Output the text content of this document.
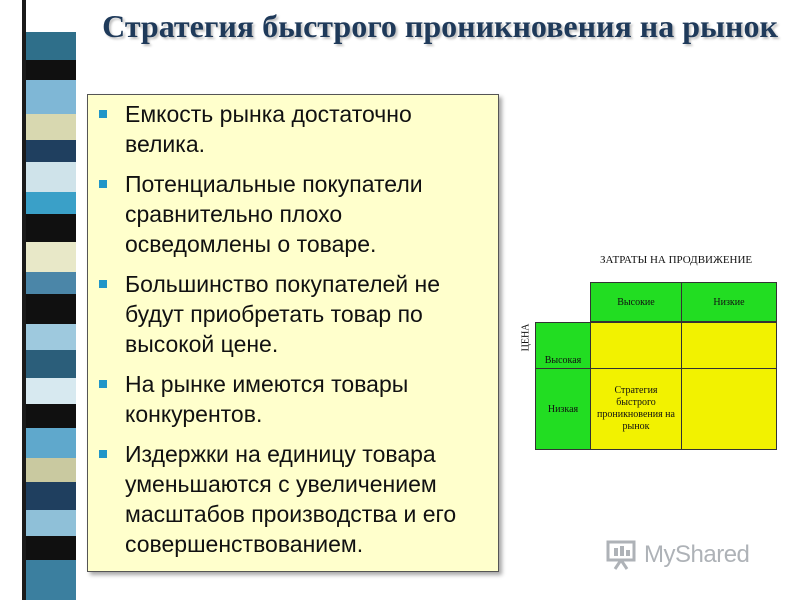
Стратегия быстрого проникновения на рынок
Емкость рынка достаточно велика.
Потенциальные покупатели сравнительно плохо осведомлены о товаре.
Большинство покупателей не будут приобретать товар по высокой цене.
На рынке имеются товары конкурентов.
Издержки на единицу товара уменьшаются с увеличением масштабов производства и его совершенствованием.
ЗАТРАТЫ НА ПРОДВИЖЕНИЕ
ЦЕНА
Высокие	Низкие
Высокая
Низкая
Стратегия быстрого проникновения на рынок
MyShared
